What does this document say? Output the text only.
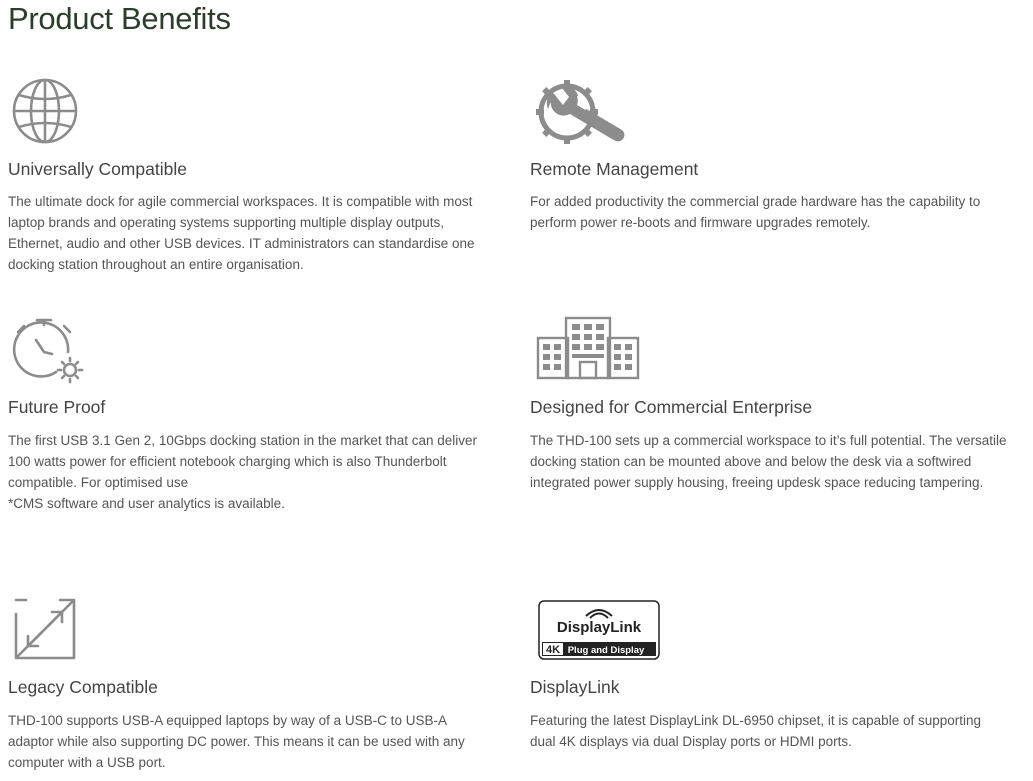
Product Benefits
Universally Compatible

The ultimate dock for agile commercial workspaces. It is compatible with most
laptop brands and operating systems supporting multiple display outputs,
Ethernet, audio and other USB devices. IT administrators can standardise one
docking station throughout an entire organisation.

Remote Management

For added productivity the commercial grade hardware has the capability to
perform power re-boots and firmware upgrades remotely.

Future Proof

The first USB 3.1 Gen 2, 10Gbps docking station in the market that can deliver
100 watts power for efficient notebook charging which is also Thunderbolt
compatible. For optimised use
*CMS software and user analytics is available.

Designed for Commercial Enterprise

The THD-100 sets up a commercial workspace to it’s full potential. The versatile
docking station can be mounted above and below the desk via a softwired
integrated power supply housing, freeing updesk space reducing tampering.

Legacy Compatible

THD-100 supports USB-A equipped laptops by way of a USB-C to USB-A
adaptor while also supporting DC power. This means it can be used with any
computer with a USB port.

DisplayLink
4K Plug and Display
DisplayLink

Featuring the latest DisplayLink DL-6950 chipset, it is capable of supporting
dual 4K displays via dual Display ports or HDMI ports.
